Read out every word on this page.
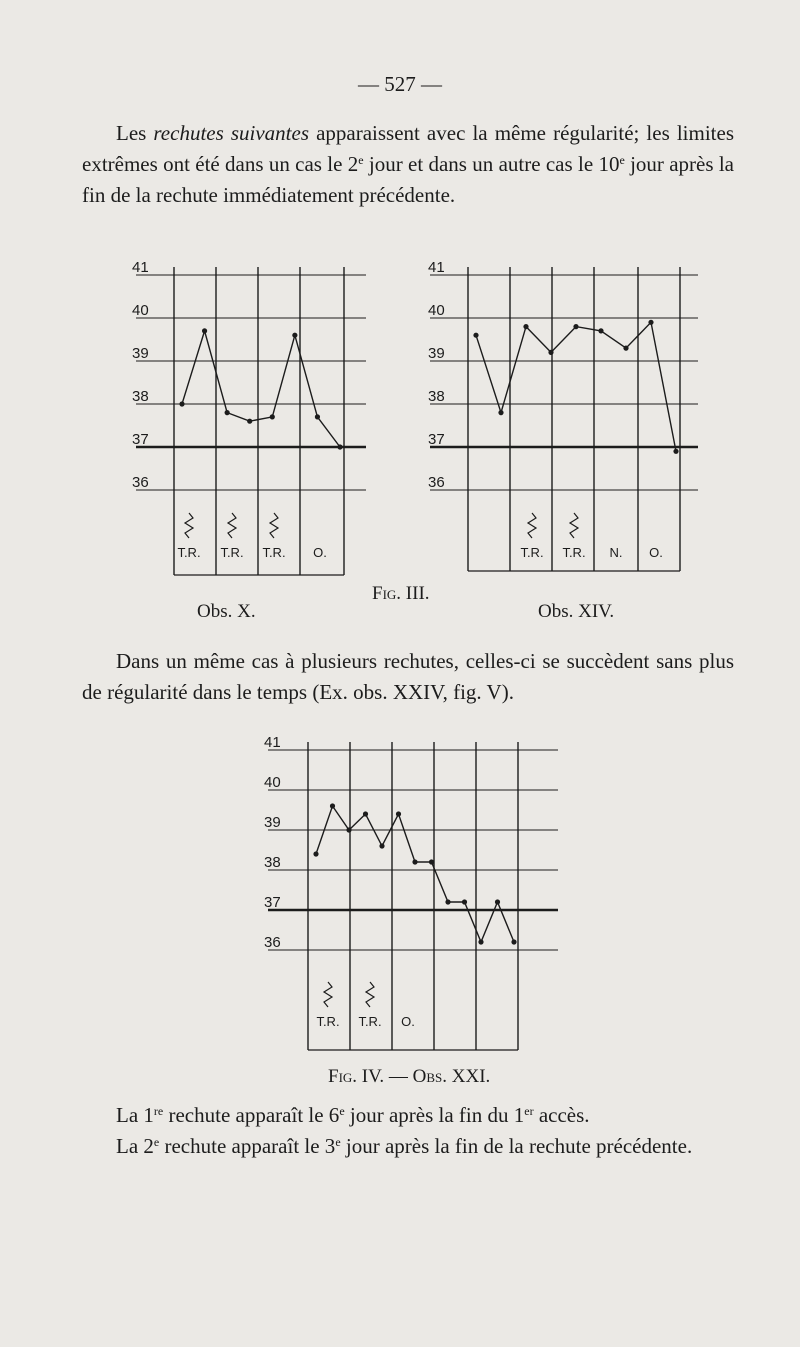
— 527 —

Les rechutes suivantes apparaissent avec la même régularité; les limites extrêmes ont été dans un cas le 2e jour et dans un autre cas le 10e jour après la fin de la rechute immédiatement précédente.

41
40
39
38
37
36
T.R. T.R. T.R. O.
41
40
39
38
37
36
T.R. T.R. N. O.
Fig. III.
Obs. X.	Obs. XIV.

Dans un même cas à plusieurs rechutes, celles-ci se succèdent sans plus de régularité dans le temps (Ex. obs. XXIV, fig. V).

41
40
39
38
37
36
T.R. T.R. O.
Fig. IV. — Obs. XXI.

La 1re rechute apparaît le 6e jour après la fin du 1er accès.

La 2e rechute apparaît le 3e jour après la fin de la rechute précédente.
